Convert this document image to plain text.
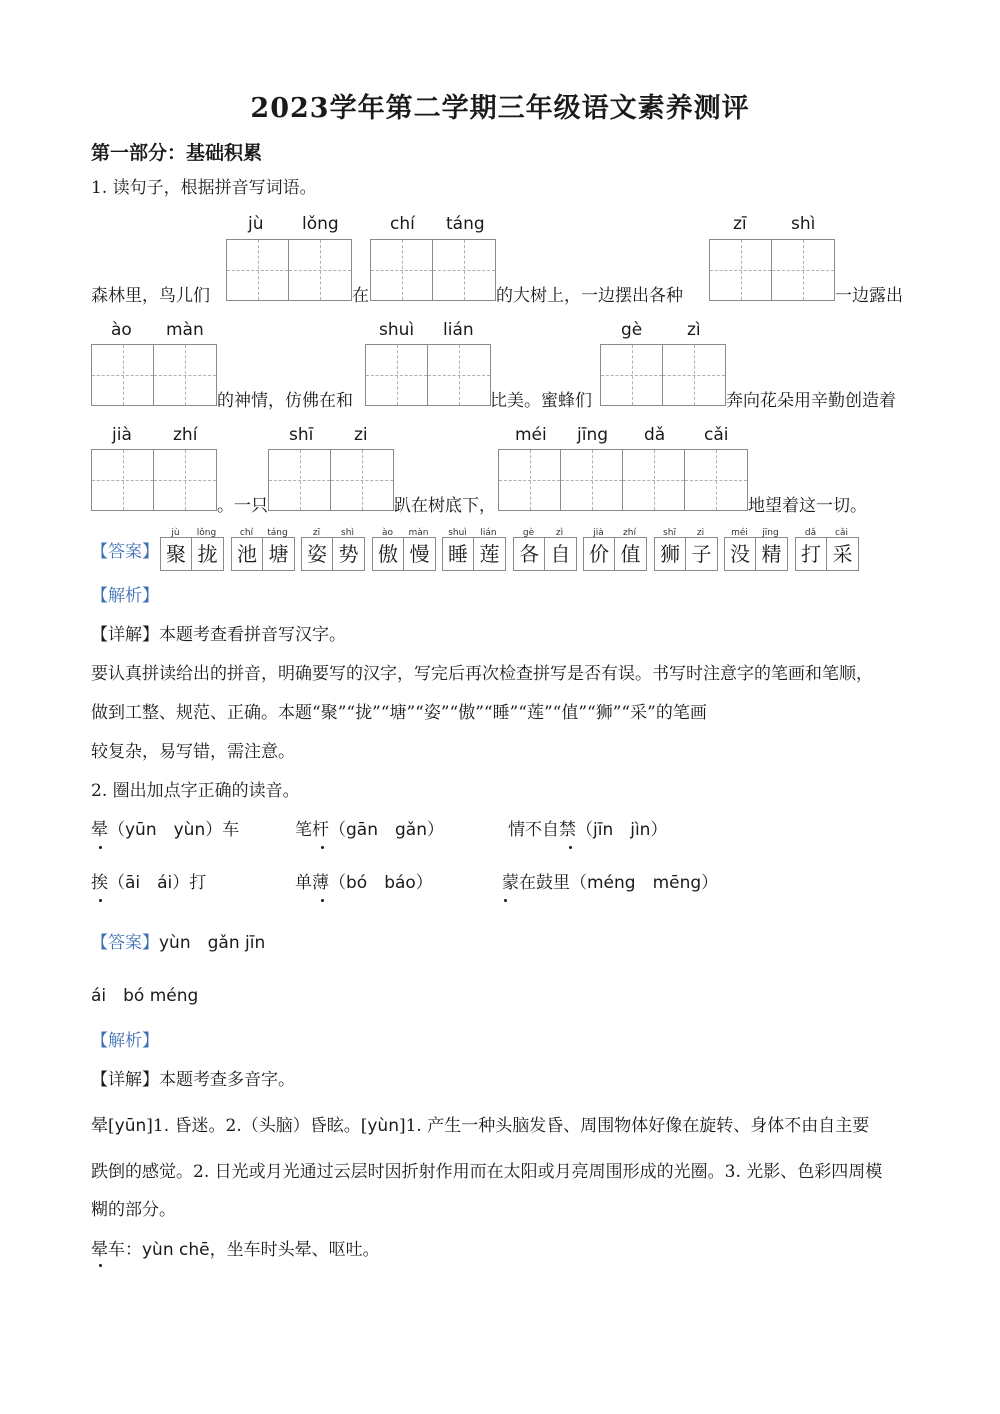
2023学年第二学期三年级语文素养测评
第一部分：基础积累
1. 读句子，根据拼音写词语。
jù lǒng	chí táng	zī	shì
森林里，鸟儿们	在	的大树上，一边摆出各种	一边露出
ào màn	shuì lián	gè	zì
的神情，仿佛在和	比美。蜜蜂们	奔向花朵用辛勤创造着
jià zhí	shī zi	méi jīng dǎ cǎi
。一只	趴在树底下，	地望着这一切。
【答案】
jù	lǒng	chí	táng	zī	shì	ào	màn	shuì	lián	gè	zì	jià	zhí	shī	zi	méi	jīng	dǎ	cǎi
聚 拢 池 塘 姿 势 傲 慢 睡 莲 各 自 价 值 狮 子 没 精 打 采
【解析】
【详解】本题考查看拼音写汉字。
要认真拼读给出的拼音，明确要写的汉字，写完后再次检查拼写是否有误。书写时注意字的笔画和笔顺，
做到工整、规范、正确。本题“聚”“拢”“塘”“姿”“傲”“睡”“莲”“值”“狮”“采”的笔画
较复杂，易写错，需注意。
2. 圈出加点字正确的读音。
晕（yūn　yùn）车	笔杆（gān　gǎn）	情不自禁（jīn　jìn）
挨（āi　ái）打	单薄（bó　báo）	蒙在鼓里（méng　mēng）
【答案】yùn　gǎn jīn
ái　bó méng
【解析】
【详解】本题考查多音字。
晕[yūn]1. 昏迷。2.（头脑）昏眩。[yùn]1. 产生一种头脑发昏、周围物体好像在旋转、身体不由自主要
跌倒的感觉。2. 日光或月光通过云层时因折射作用而在太阳或月亮周围形成的光圈。3. 光影、色彩四周模
糊的部分。
晕车：yùn chē，坐车时头晕、呕吐。
